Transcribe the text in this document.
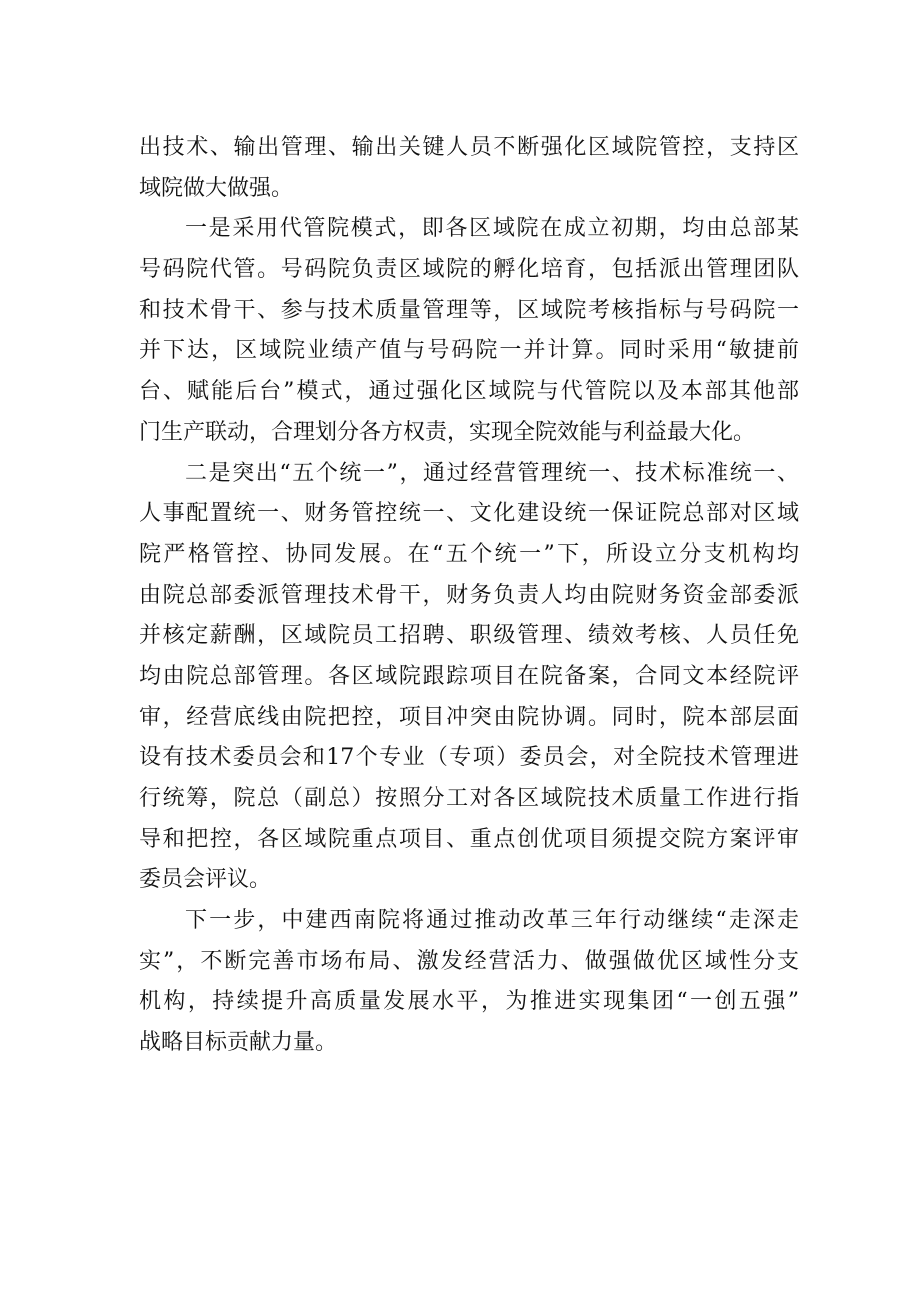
出技术、输出管理、输出关键人员不断强化区域院管控，支持区
域院做大做强。
一是采用代管院模式，即各区域院在成立初期，均由总部某
号码院代管。号码院负责区域院的孵化培育，包括派出管理团队
和技术骨干、参与技术质量管理等，区域院考核指标与号码院一
并下达，区域院业绩产值与号码院一并计算。同时采用“敏捷前
台、赋能后台”模式，通过强化区域院与代管院以及本部其他部
门生产联动，合理划分各方权责，实现全院效能与利益最大化。
二是突出“五个统一”，通过经营管理统一、技术标准统一、
人事配置统一、财务管控统一、文化建设统一保证院总部对区域
院严格管控、协同发展。在“五个统一”下，所设立分支机构均
由院总部委派管理技术骨干，财务负责人均由院财务资金部委派
并核定薪酬，区域院员工招聘、职级管理、绩效考核、人员任免
均由院总部管理。各区域院跟踪项目在院备案，合同文本经院评
审，经营底线由院把控，项目冲突由院协调。同时，院本部层面
设有技术委员会和17个专业（专项）委员会，对全院技术管理进
行统筹，院总（副总）按照分工对各区域院技术质量工作进行指
导和把控，各区域院重点项目、重点创优项目须提交院方案评审
委员会评议。
下一步，中建西南院将通过推动改革三年行动继续“走深走
实”，不断完善市场布局、激发经营活力、做强做优区域性分支
机构，持续提升高质量发展水平，为推进实现集团“一创五强”
战略目标贡献力量。
